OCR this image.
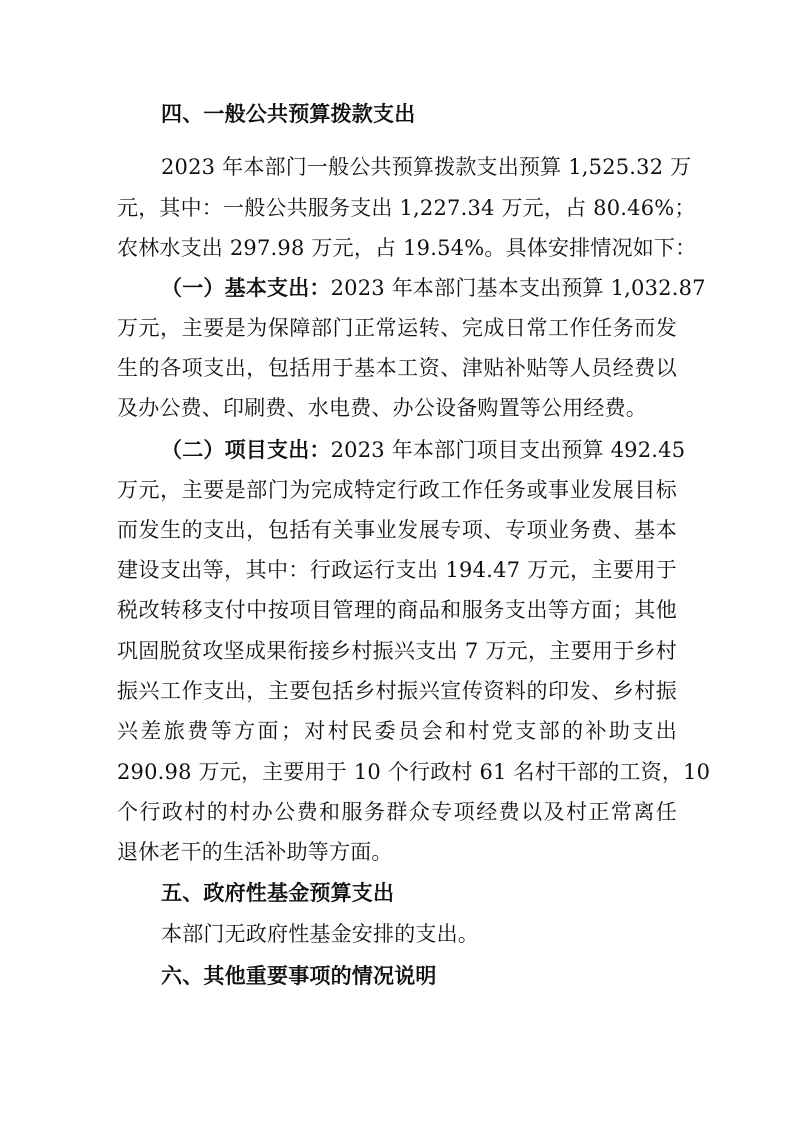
四、一般公共预算拨款支出
2023 年本部门一般公共预算拨款支出预算 1,525.32 万
元，其中：一般公共服务支出 1,227.34 万元，占 80.46%；
农林水支出 297.98 万元，占 19.54%。具体安排情况如下：
（一）基本支出：2023 年本部门基本支出预算 1,032.87
万元，主要是为保障部门正常运转、完成日常工作任务而发
生的各项支出，包括用于基本工资、津贴补贴等人员经费以
及办公费、印刷费、水电费、办公设备购置等公用经费。
（二）项目支出：2023 年本部门项目支出预算 492.45
万元，主要是部门为完成特定行政工作任务或事业发展目标
而发生的支出，包括有关事业发展专项、专项业务费、基本
建设支出等，其中：行政运行支出 194.47 万元，主要用于
税改转移支付中按项目管理的商品和服务支出等方面；其他
巩固脱贫攻坚成果衔接乡村振兴支出 7 万元，主要用于乡村
振兴工作支出，主要包括乡村振兴宣传资料的印发、乡村振
兴差旅费等方面；对村民委员会和村党支部的补助支出
290.98 万元，主要用于 10 个行政村 61 名村干部的工资，10
个行政村的村办公费和服务群众专项经费以及村正常离任
退休老干的生活补助等方面。
五、政府性基金预算支出
本部门无政府性基金安排的支出。
六、其他重要事项的情况说明
